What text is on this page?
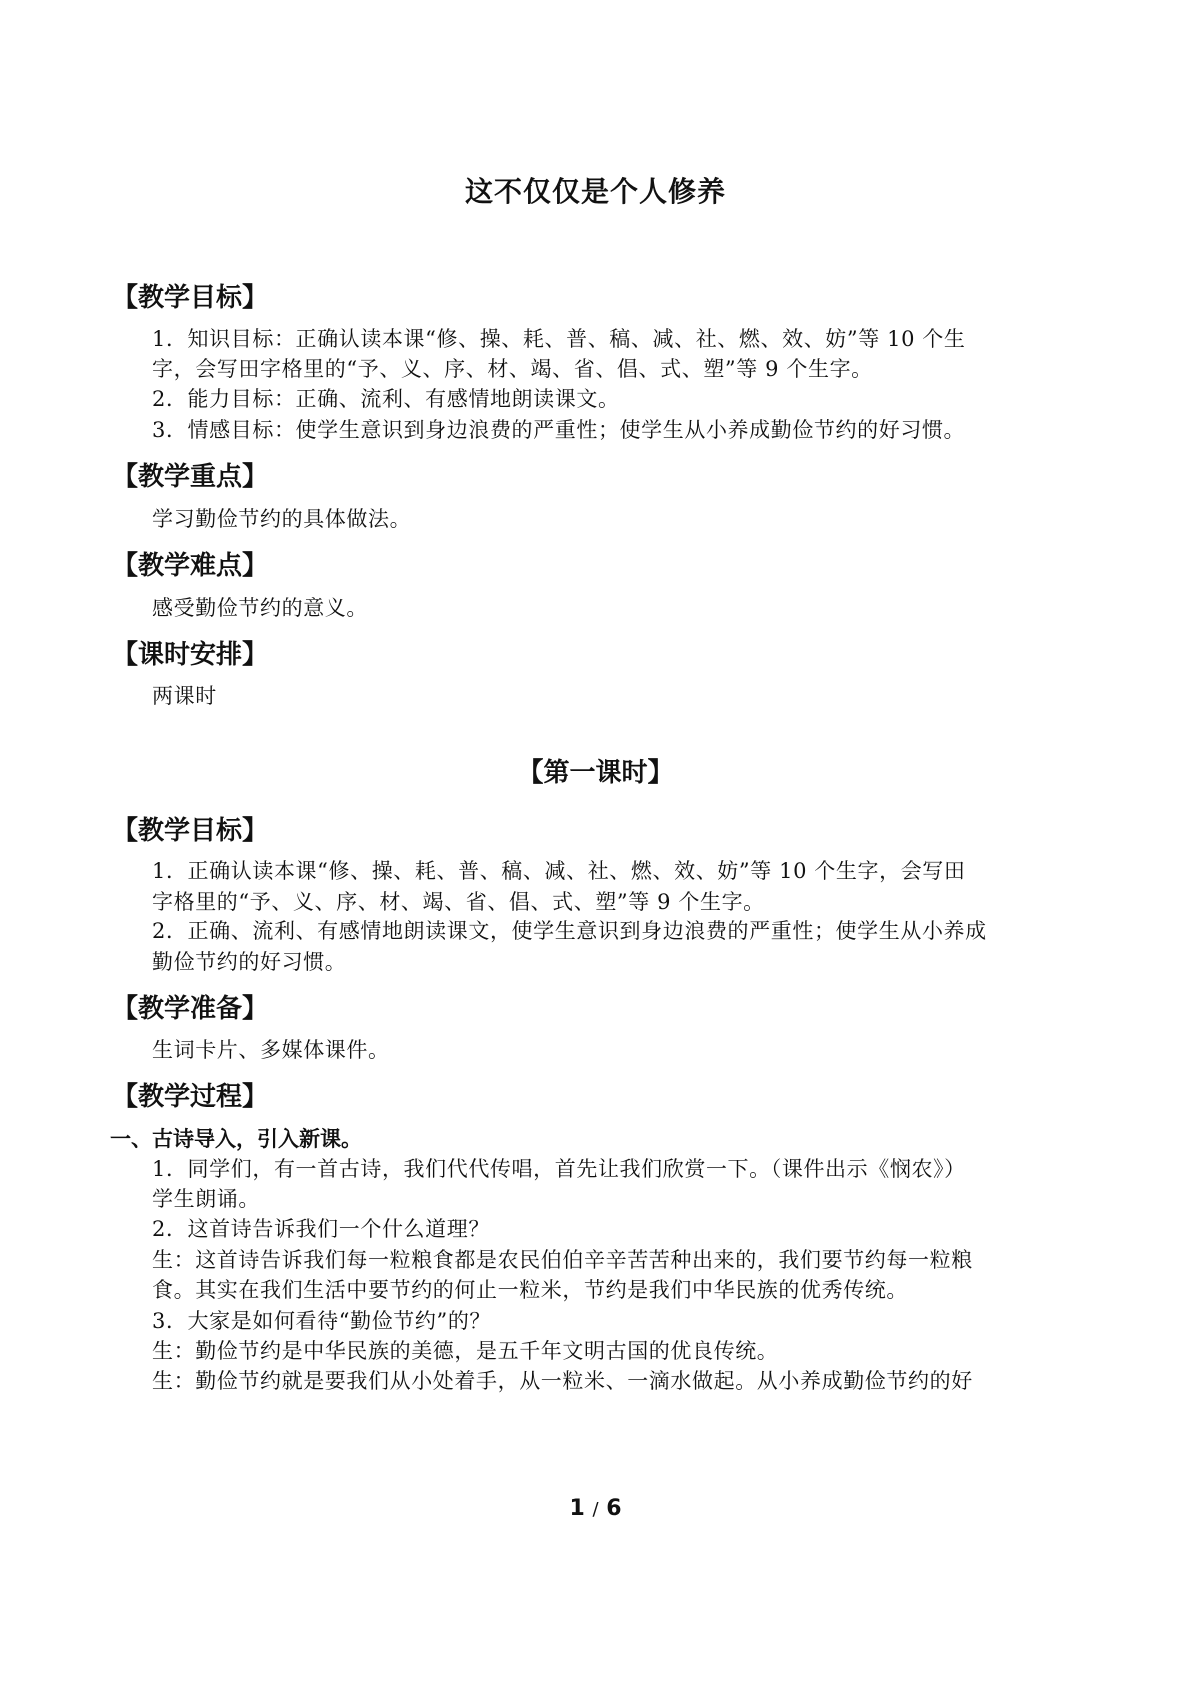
这不仅仅是个人修养
【教学目标】
1．知识目标：正确认读本课“修、操、耗、普、稿、减、社、燃、效、妨”等 10 个生
字，会写田字格里的“予、义、序、材、竭、省、倡、式、塑”等 9 个生字。
2．能力目标：正确、流利、有感情地朗读课文。
3．情感目标：使学生意识到身边浪费的严重性；使学生从小养成勤俭节约的好习惯。
【教学重点】
学习勤俭节约的具体做法。
【教学难点】
感受勤俭节约的意义。
【课时安排】
两课时
【第一课时】
【教学目标】
1．正确认读本课“修、操、耗、普、稿、减、社、燃、效、妨”等 10 个生字，会写田
字格里的“予、义、序、材、竭、省、倡、式、塑”等 9 个生字。
2．正确、流利、有感情地朗读课文，使学生意识到身边浪费的严重性；使学生从小养成
勤俭节约的好习惯。
【教学准备】
生词卡片、多媒体课件。
【教学过程】
一、古诗导入，引入新课。
1．同学们，有一首古诗，我们代代传唱，首先让我们欣赏一下。（课件出示《悯农》）
学生朗诵。
2．这首诗告诉我们一个什么道理？
生：这首诗告诉我们每一粒粮食都是农民伯伯辛辛苦苦种出来的，我们要节约每一粒粮
食。其实在我们生活中要节约的何止一粒米，节约是我们中华民族的优秀传统。
3．大家是如何看待“勤俭节约”的？
生：勤俭节约是中华民族的美德，是五千年文明古国的优良传统。
生：勤俭节约就是要我们从小处着手，从一粒米、一滴水做起。从小养成勤俭节约的好
1 / 6
